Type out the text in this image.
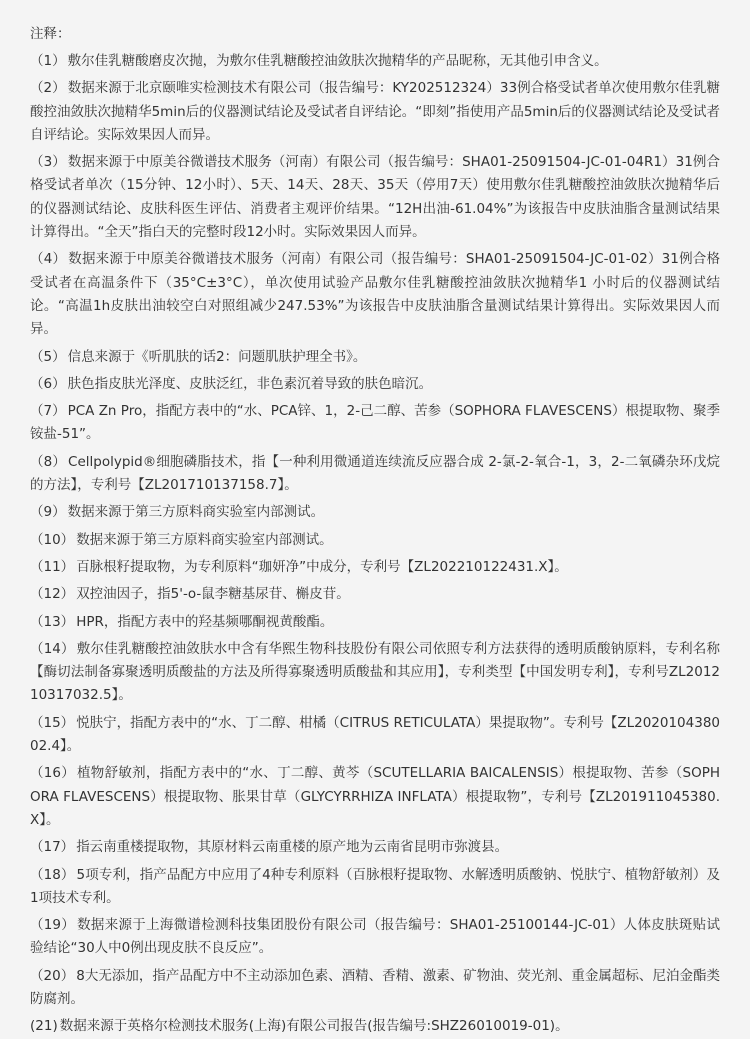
注释：
（1） 敷尔佳乳糖酸磨皮次抛，为敷尔佳乳糖酸控油敛肤次抛精华的产品昵称，无其他引申含义。
（2） 数据来源于北京颐唯实检测技术有限公司（报告编号：KY202512324）33例合格受试者单次使用敷尔佳乳糖酸控油敛肤次抛精华5min后的仪器测试结论及受试者自评结论。“即刻”指使用产品5min后的仪器测试结论及受试者自评结论。实际效果因人而异。
（3） 数据来源于中原美谷微谱技术服务（河南）有限公司（报告编号：SHA01-25091504-JC-01-04R1）31例合格受试者单次（15分钟、12小时）、5天、14天、28天、35天（停用7天）使用敷尔佳乳糖酸控油敛肤次抛精华后的仪器测试结论、皮肤科医生评估、消费者主观评价结果。“12H出油-61.04%”为该报告中皮肤油脂含量测试结果计算得出。“全天”指白天的完整时段12小时。实际效果因人而异。
（4） 数据来源于中原美谷微谱技术服务（河南）有限公司（报告编号：SHA01-25091504-JC-01-02）31例合格受试者在高温条件下（35°C±3°C），单次使用试验产品敷尔佳乳糖酸控油敛肤次抛精华1 小时后的仪器测试结论。“高温1h皮肤出油较空白对照组减少247.53%”为该报告中皮肤油脂含量测试结果计算得出。实际效果因人而异。
（5） 信息来源于《听肌肤的话2：问题肌肤护理全书》。
（6） 肤色指皮肤光泽度、皮肤泛红，非色素沉着导致的肤色暗沉。
（7） PCA Zn Pro，指配方表中的“水、PCA锌、1，2-己二醇、苦参（SOPHORA FLAVESCENS）根提取物、聚季铵盐-51”。
（8） Cellpolypid®细胞磷脂技术，指【一种利用微通道连续流反应器合成 2-氯-2-氧合-1，3，2-二氧磷杂环戊烷的方法】，专利号【ZL201710137158.7】。
（9） 数据来源于第三方原料商实验室内部测试。
（10） 数据来源于第三方原料商实验室内部测试。
（11） 百脉根籽提取物，为专利原料“珈妍净”中成分，专利号【ZL202210122431.X】。
（12） 双控油因子，指5'-o-鼠李糖基尿苷、槲皮苷。
（13） HPR，指配方表中的羟基频哪酮视黄酸酯。
（14） 敷尔佳乳糖酸控油敛肤水中含有华熙生物科技股份有限公司依照专利方法获得的透明质酸钠原料，专利名称【酶切法制备寡聚透明质酸盐的方法及所得寡聚透明质酸盐和其应用】，专利类型【中国发明专利】，专利号ZL201210317032.5】。
（15） 悦肤宁，指配方表中的“水、丁二醇、柑橘（CITRUS RETICULATA）果提取物”。专利号【ZL202010438002.4】。
（16） 植物舒敏剂，指配方表中的“水、丁二醇、黄芩（SCUTELLARIA BAICALENSIS）根提取物、苦参（SOPHORA FLAVESCENS）根提取物、胀果甘草（GLYCYRRHIZA INFLATA）根提取物”，专利号【ZL201911045380.X】。
（17） 指云南重楼提取物，其原材料云南重楼的原产地为云南省昆明市弥渡县。
（18） 5项专利，指产品配方中应用了4种专利原料（百脉根籽提取物、水解透明质酸钠、悦肤宁、植物舒敏剂）及1项技术专利。
（19） 数据来源于上海微谱检测科技集团股份有限公司（报告编号：SHA01-25100144-JC-01）人体皮肤斑贴试验结论“30人中0例出现皮肤不良反应”。
（20） 8大无添加，指产品配方中不主动添加色素、酒精、香精、激素、矿物油、荧光剂、重金属超标、尼泊金酯类防腐剂。
(21) 数据来源于英格尔检测技术服务(上海)有限公司报告(报告编号:SHZ26010019-01)。
